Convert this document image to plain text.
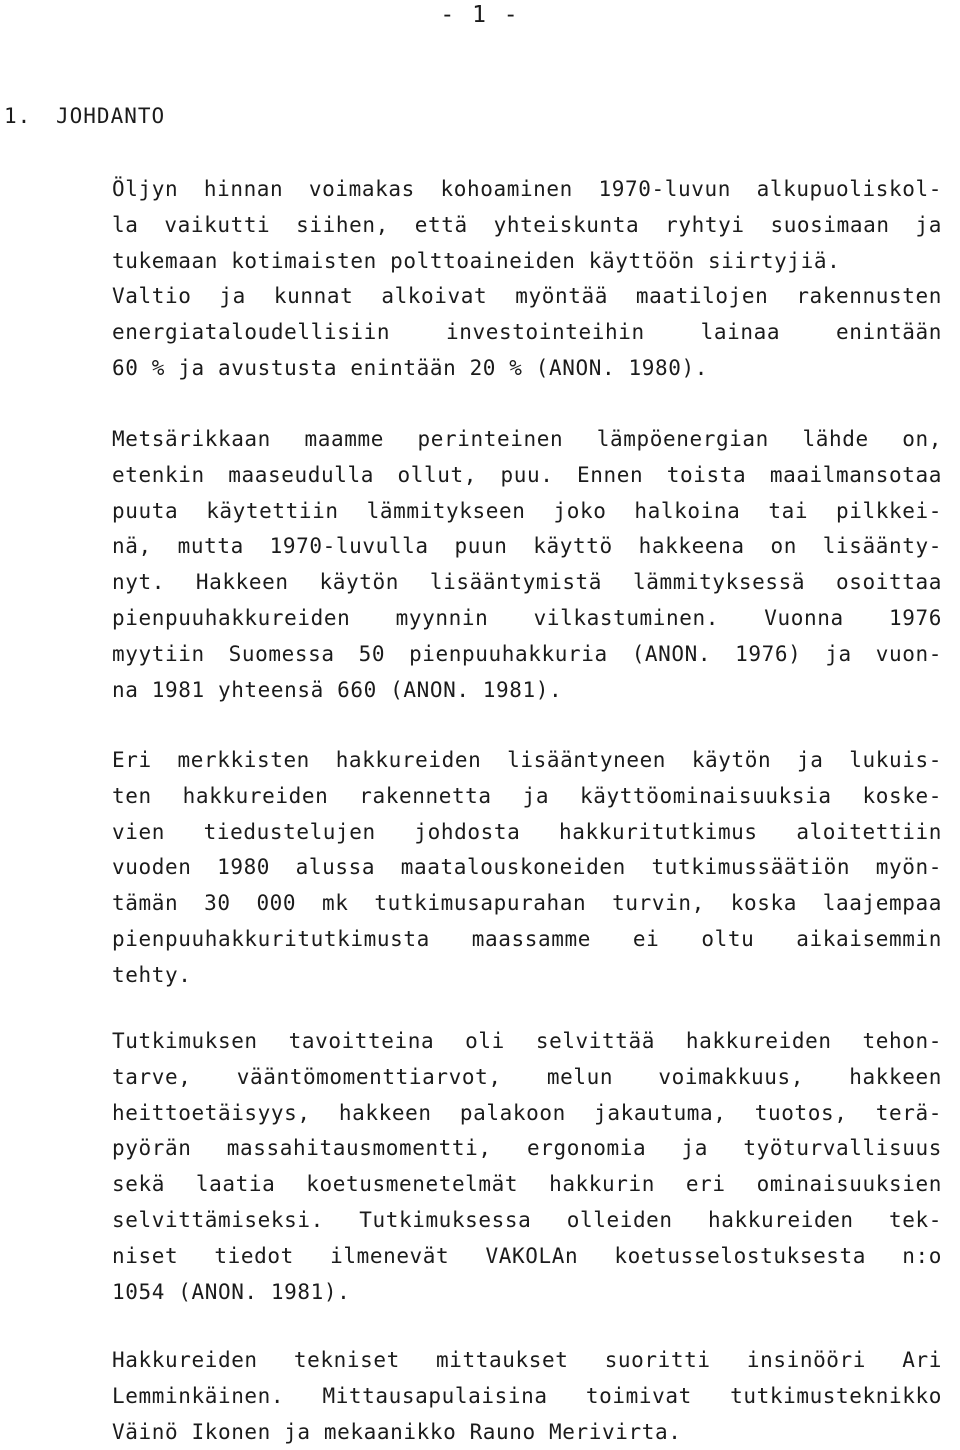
- 1 -
1. JOHDANTO
Öljyn hinnan voimakas kohoaminen 1970-luvun alkupuoliskol-
la vaikutti siihen, että yhteiskunta ryhtyi suosimaan ja
tukemaan kotimaisten polttoaineiden käyttöön siirtyjiä.
Valtio ja kunnat alkoivat myöntää maatilojen rakennusten
energiataloudellisiin investointeihin lainaa enintään
60 % ja avustusta enintään 20 % (ANON. 1980).
Metsärikkaan maamme perinteinen lämpöenergian lähde on,
etenkin maaseudulla ollut, puu. Ennen toista maailmansotaa
puuta käytettiin lämmitykseen joko halkoina tai pilkkei-
nä, mutta 1970-luvulla puun käyttö hakkeena on lisäänty-
nyt. Hakkeen käytön lisääntymistä lämmityksessä osoittaa
pienpuuhakkureiden myynnin vilkastuminen. Vuonna 1976
myytiin Suomessa 50 pienpuuhakkuria (ANON. 1976) ja vuon-
na 1981 yhteensä 660 (ANON. 1981).
Eri merkkisten hakkureiden lisääntyneen käytön ja lukuis-
ten hakkureiden rakennetta ja käyttöominaisuuksia koske-
vien tiedustelujen johdosta hakkuritutkimus aloitettiin
vuoden 1980 alussa maatalouskoneiden tutkimussäätiön myön-
tämän 30 000 mk tutkimusapurahan turvin, koska laajempaa
pienpuuhakkuritutkimusta maassamme ei oltu aikaisemmin
tehty.
Tutkimuksen tavoitteina oli selvittää hakkureiden tehon-
tarve, vääntömomenttiarvot, melun voimakkuus, hakkeen
heittoetäisyys, hakkeen palakoon jakautuma, tuotos, terä-
pyörän massahitausmomentti, ergonomia ja työturvallisuus
sekä laatia koetusmenetelmät hakkurin eri ominaisuuksien
selvittämiseksi. Tutkimuksessa olleiden hakkureiden tek-
niset tiedot ilmenevät VAKOLAn koetusselostuksesta n:o
1054 (ANON. 1981).
Hakkureiden tekniset mittaukset suoritti insinööri Ari
Lemminkäinen. Mittausapulaisina toimivat tutkimusteknikko
Väinö Ikonen ja mekaanikko Rauno Merivirta.
